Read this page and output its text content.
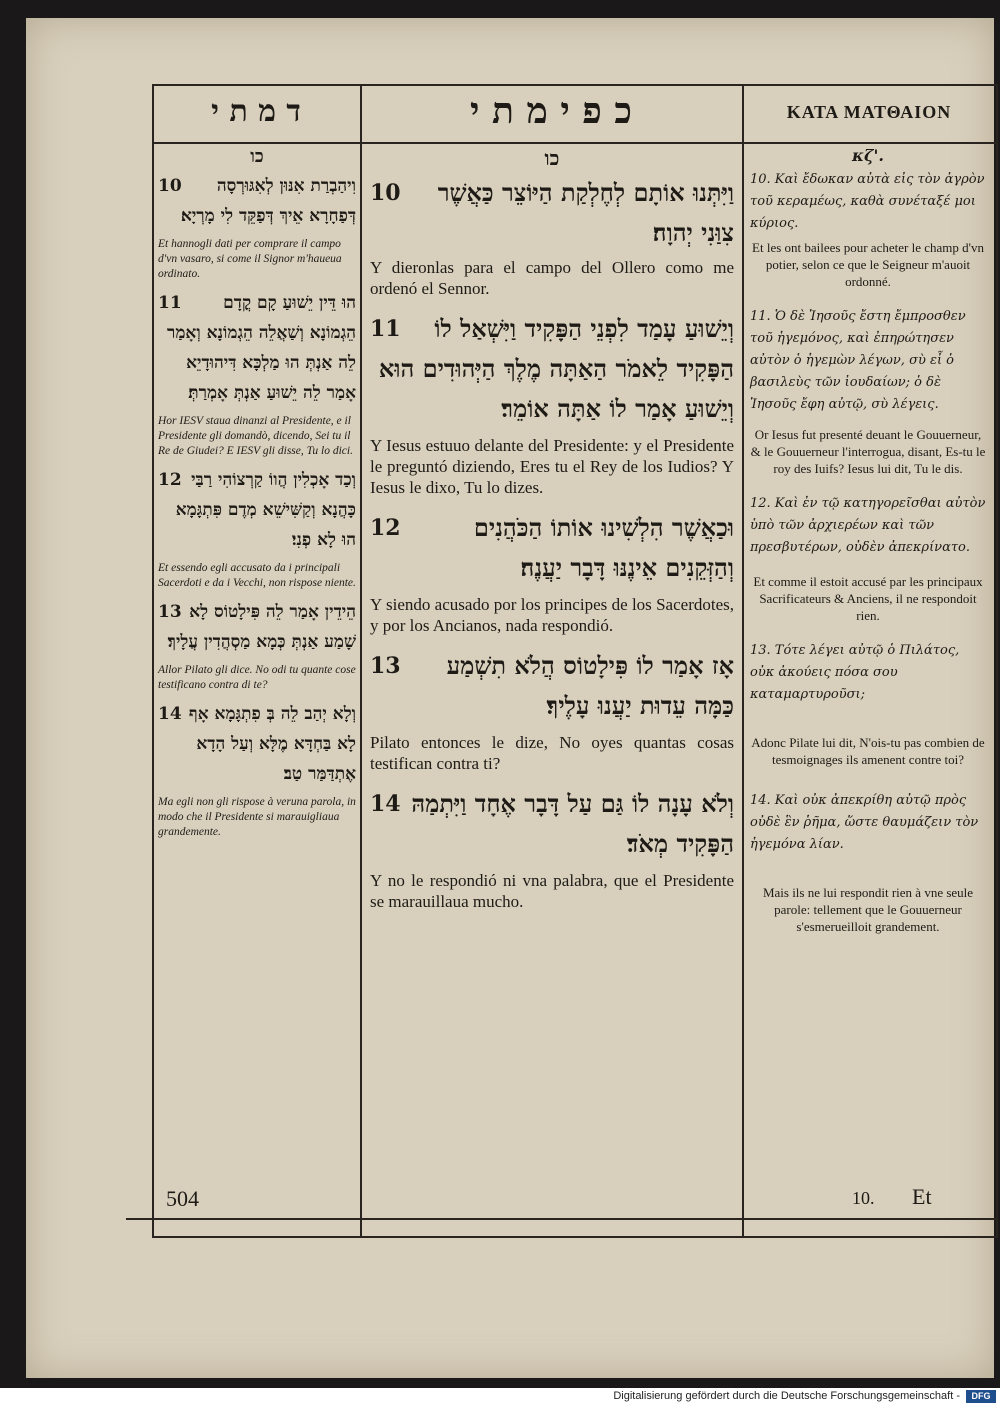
ד מ ת י	כ פ י מ ת י	ΚΑΤΑ ΜΑΤΘΑΙΟΝ
כו
10 וִיהַבְרַת אִנּוּן לְאִגּוּרְסָה דְּפַחָרָא אֵיךְ דְּפַקֵּד לִי מָרְיָא׃
Et hannogli dati per comprare il campo d'vn vasaro, si come il Signor m'haueua ordinato.
11 הוּ דֵּין יֵשׁוּעַ קָם קֳדָם הֵגְמוֹנָא וְשַׁאֲלֵה הֵגְמוֹנָא וְאָמַר לֵה אַנְתְּ הוּ מַלְכָּא דִּיהוּדָיֵא אָמַר לֵה יֵשׁוּעַ אַנְתְּ אָמְרַתְּ׃
Hor IESV staua dinanzi al Presidente, e il Presidente gli domandò, dicendo, Sei tu il Re de Giudei? E IESV gli disse, Tu lo dici.
12 וְכַד אָכְלִין הֲווֹ קַרְצוֹהִי רַבַּי כָּהֲנָא וְקַשִּׁישֵׁא מְדֶם פִּתְגָּמָא הוּ לָא פְנִי׃
Et essendo egli accusato da i principali Sacerdoti e da i Vecchi, non rispose niente.
13 הֵידֵין אָמַר לֵה פִּילָטוֹס לָא שָׁמַע אַנְתְּ כְּמָא מַסְהֲדִין עֲלָיךְ׃
Allor Pilato gli dice. No odi tu quante cose testificano contra di te?
14 וְלָא יְהַב לֵה בְּ פִתְגָּמָא אָף לָא בַּחְדָּא מֶלָּא וְעַל הָדָא אֶתְדַּמַּר טַב׃
Ma egli non gli rispose à veruna parola, in modo che il Presidente si marauigliaua grandemente.
כו
10 וַיִּתְּנוּ אוֹתָם לְחֶלְקַת הַיּוֹצֵר כַּאֲשֶׁר צִוַּנִי יְהוָה׃
Y dieronlas para el campo del Ollero como me ordenó el Sennor.
11 וְיֵשׁוּעַ עָמַד לִפְנֵי הַפָּקִיד וַיִּשְׁאַל לוֹ הַפָּקִיד לֵאמֹר הַאַתָּה מֶלֶךְ הַיְּהוּדִים הוּא וְיֵשׁוּעַ אָמַר לוֹ אַתָּה אוֹמֵר׃
Y Iesus estuuo delante del Presidente: y el Presidente le preguntó diziendo, Eres tu el Rey de los Iudios? Y Iesus le dixo, Tu lo dizes.
12	וּכַאֲשֶׁר הִלְשִׁינוּ אוֹתוֹ הַכֹּהֲנִים וְהַזְּקֵנִים אֵינֶנּוּ דָּבָר יַעֲנֶה׃
Y siendo acusado por los principes de los Sacerdotes, y por los Ancianos, nada respondió.
13 אָז אָמַר לוֹ פִּילָטוֹס הֲלֹא תִשְׁמַע כַּמָּה עֵדוּת יַעֲנוּ עָלֶיךָ׃
Pilato entonces le dize, No oyes quantas cosas testifican contra ti?
14 וְלֹא עָנָה לוֹ גַּם עַל דָּבָר אֶחָד וַיִּתְמַהּ הַפָּקִיד מְאֹד׃
Y no le respondió ni vna palabra, que el Presidente se marauillaua mucho.
κζ'.
10. Καὶ ἔδωκαν αὐτὰ εἰς τὸν ἀγρὸν τοῦ κεραμέως, καθὰ συνέταξέ μοι κύριος.
Et les ont bailees pour acheter le champ d'vn potier, selon ce que le Seigneur m'auoit ordonné.
11. Ὁ δὲ Ἰησοῦς ἔστη ἔμπροσθεν τοῦ ἡγεμόνος, καὶ ἐπηρώτησεν αὐτὸν ὁ ἡγεμὼν λέγων, σὺ εἶ ὁ βασιλεὺς τῶν ἰουδαίων; ὁ δὲ Ἰησοῦς ἔφη αὐτῷ, σὺ λέγεις.
Or Iesus fut presenté deuant le Gouuerneur, & le Gouuerneur l'interrogua, disant, Es-tu le roy des Iuifs? Iesus lui dit, Tu le dis.
12. Καὶ ἐν τῷ κατηγορεῖσθαι αὐτὸν ὑπὸ τῶν ἀρχιερέων καὶ τῶν πρεσβυτέρων, οὐδὲν ἀπεκρίνατο.
Et comme il estoit accusé par les principaux Sacrificateurs & Anciens, il ne respondoit rien.
13. Τότε λέγει αὐτῷ ὁ Πιλάτος, οὐκ ἀκούεις πόσα σου καταμαρτυροῦσι;
Adonc Pilate lui dit, N'ois-tu pas combien de tesmoignages ils amenent contre toi?
14. Καὶ οὐκ ἀπεκρίθη αὐτῷ πρὸς οὐδὲ ἓν ῥῆμα, ὥστε θαυμάζειν τὸν ἡγεμόνα λίαν.
Mais ils ne lui respondit rien à vne seule parole: tellement que le Gouuerneur s'esmerueilloit grandement.
504	10. Et
Digitalisierung gefördert durch die Deutsche Forschungsgemeinschaft -	DFG
